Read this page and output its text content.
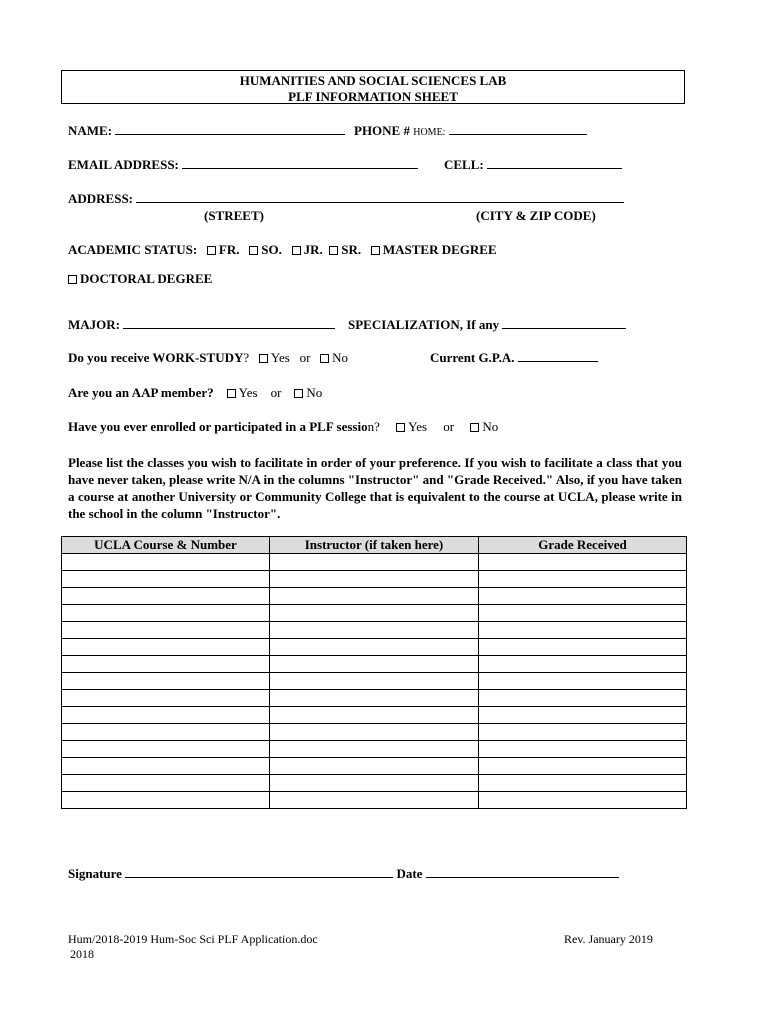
HUMANITIES AND SOCIAL SCIENCES LAB
PLF INFORMATION SHEET
NAME:	PHONE # HOME:
EMAIL ADDRESS:	CELL:
ADDRESS:
(STREET)	(CITY & ZIP CODE)
ACADEMIC STATUS: FR. SO. JR. SR. MASTER DEGREE
DOCTORAL DEGREE
MAJOR:	SPECIALIZATION, If any
Do you receive WORK-STUDY? Yes or No	Current G.P.A.
Are you an AAP member? Yes or No
Have you ever enrolled or participated in a PLF session? Yes or No
Please list the classes you wish to facilitate in order of your preference. If you wish to facilitate a class that you have never taken, please write N/A in the columns "Instructor" and "Grade Received." Also, if you have taken a course at another University or Community College that is equivalent to the course at UCLA, please write in the school in the column "Instructor".
UCLA Course & Number	Instructor (if taken here)	Grade Received

Signature	Date
Hum/2018-2019 Hum-Soc Sci PLF Application.doc
2018
Rev. January 2019
